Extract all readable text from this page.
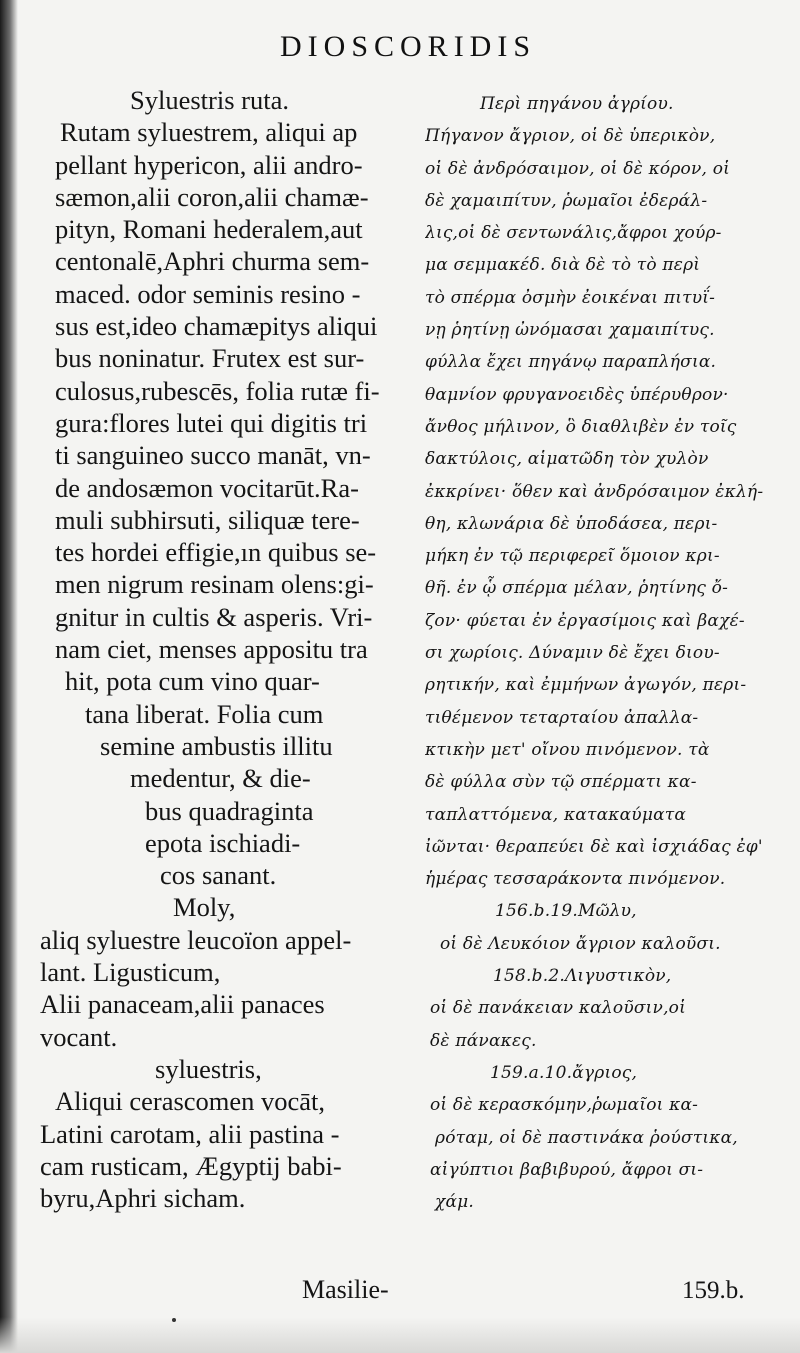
DIOSCORIDIS
Syluestris ruta.
Rutam syluestrem, aliqui ap
pellant hypericon, alii andro-
sæmon,alii coron,alii chamæ-
pityn, Romani hederalem,aut
centonalē,Aphri churma sem-
maced. odor seminis resino -
sus est,ideo chamæpitys aliqui
bus noninatur. Frutex est sur-
culosus,rubescēs, folia rutæ fi-
gura:flores lutei qui digitis tri
ti sanguineo succo manāt, vn-
de andosæmon vocitarūt.Ra-
muli subhirsuti, siliquæ tere-
tes hordei effigie,ın quibus se-
men nigrum resinam olens:gi-
gnitur in cultis & asperis. Vri-
nam ciet, menses appositu tra
hit, pota cum vino quar-
tana liberat. Folia cum
semine ambustis illitu
medentur, & die-
bus quadraginta
epota ischiadi-
cos sanant.
Moly,
aliq syluestre leucoïon appel-
lant. Ligusticum,
Alii panaceam,alii panaces
vocant.
syluestris,
Aliqui cerascomen vocāt,
Latini carotam, alii pastina -
cam rusticam, Ægyptij babi-
byru,Aphri sicham.
Περὶ πηγάνου ἀγρίου.
Πήγανον ἄγριον, οἱ δὲ ὑπερικὸν,
οἱ δὲ ἀνδρόσαιμον, οἱ δὲ κόρον, οἱ
δὲ χαμαιπίτυν, ῥωμαῖοι ἐδεράλ-
λις,οἱ δὲ σεντωνάλις,ἄφροι χούρ-
μα σεμμακέδ. διὰ δὲ τὸ τὸ περὶ
τὸ σπέρμα ὀσμὴν ἐοικέναι πιτυΐ-
νῃ ῥητίνῃ ὠνόμασαι χαμαιπίτυς.
φύλλα ἔχει πηγάνῳ παραπλήσια.
θαμνίον φρυγανοειδὲς ὑπέρυθρον·
ἄνθος μήλινον, ὃ διαθλιβὲν ἐν τοῖς
δακτύλοις, αἱματῶδη τὸν χυλὸν
ἐκκρίνει· ὅθεν καὶ ἀνδρόσαιμον ἐκλή-
θη, κλωνάρια δὲ ὑποδάσεα, περι-
μήκη ἐν τῷ περιφερεῖ ὅμοιον κρι-
θῆ. ἐν ᾧ σπέρμα μέλαν, ῥητίνης ὄ-
ζον· φύεται ἐν ἐργασίμοις καὶ βαχέ-
σι χωρίοις. Δύναμιν δὲ ἔχει διου-
ρητικήν, καὶ ἐμμήνων ἀγωγόν, περι-
τιθέμενον τεταρταίου ἀπαλλα-
κτικὴν μετ' οἴνου πινόμενον. τὰ
δὲ φύλλα σὺν τῷ σπέρματι κα-
ταπλαττόμενα, κατακαύματα
ἰῶνται· θεραπεύει δὲ καὶ ἰσχιάδας ἐφ'
ἡμέρας τεσσαράκοντα πινόμενον.
156.b.19.Μῶλυ,
οἱ δὲ Λευκόιον ἄγριον καλοῦσι.
158.b.2.Λιγυστικὸν,
οἱ δὲ πανάκειαν καλοῦσιν,οἱ
δὲ πάνακες.
159.a.10.ἄγριος,
οἱ δὲ κερασκόμην,ῥωμαῖοι κα-
ρόταμ, οἱ δὲ παστινάκα ῥούστικα,
αἰγύπτιοι βαβιβυρού, ἄφροι σι-
χάμ.
Masilie-	159.b.
